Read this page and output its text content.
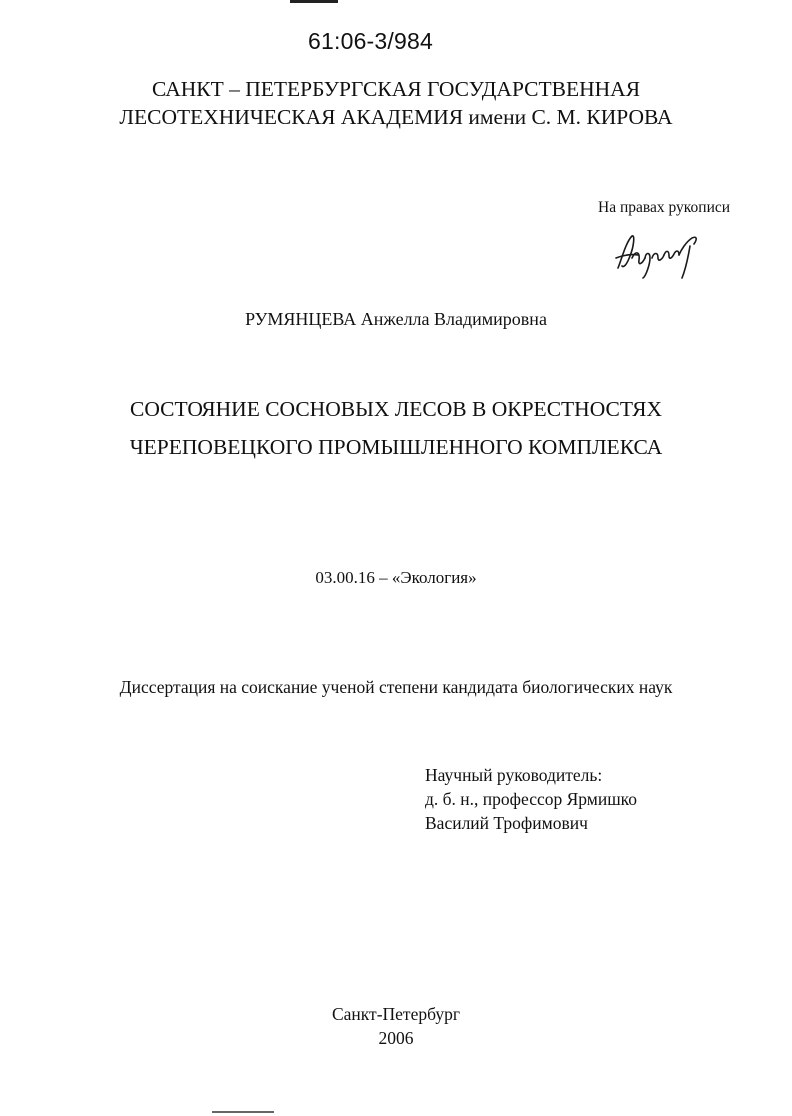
61:06-3/984
САНКТ – ПЕТЕРБУРГСКАЯ ГОСУДАРСТВЕННАЯ
ЛЕСОТЕХНИЧЕСКАЯ АКАДЕМИЯ имени С. М. КИРОВА
На правах рукописи
РУМЯНЦЕВА Анжелла Владимировна
СОСТОЯНИЕ СОСНОВЫХ ЛЕСОВ В ОКРЕСТНОСТЯХ
ЧЕРЕПОВЕЦКОГО ПРОМЫШЛЕННОГО КОМПЛЕКСА
03.00.16 – «Экология»
Диссертация на соискание ученой степени кандидата биологических наук
Научный руководитель:
д. б. н., профессор Ярмишко
Василий Трофимович
Санкт-Петербург
2006
